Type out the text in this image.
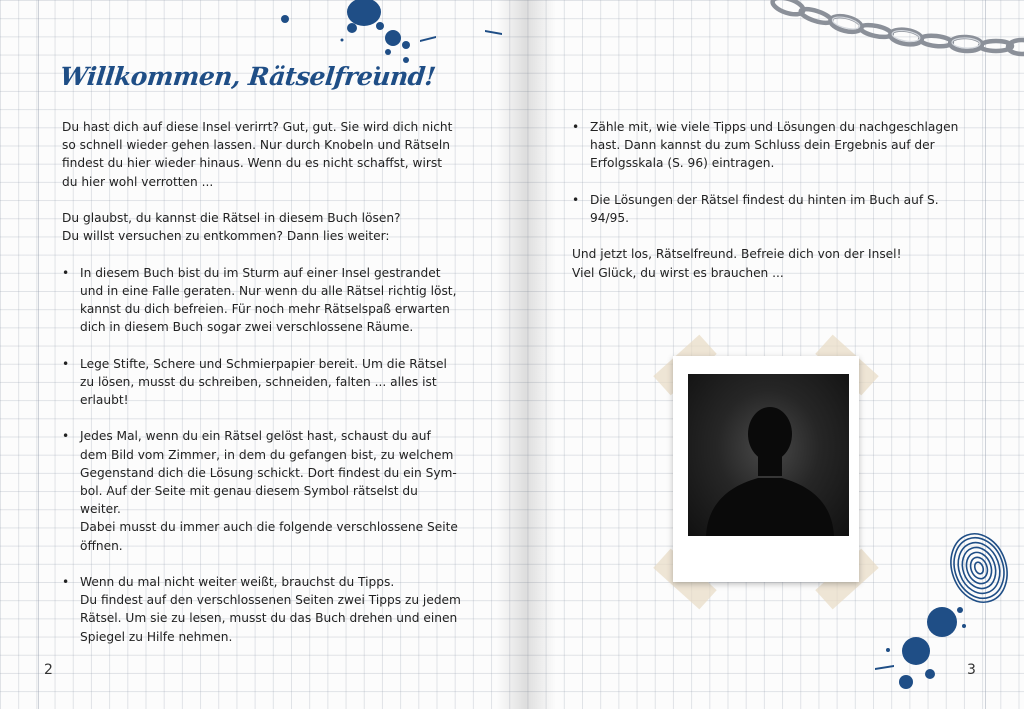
Willkommen, Rätselfreund!

Du hast dich auf diese Insel verirrt? Gut, gut. Sie wird dich nicht

so schnell wieder gehen lassen. Nur durch Knobeln und Rätseln

findest du hier wieder hinaus. Wenn du es nicht schaffst, wirst

du hier wohl verrotten ...

Du glaubst, du kannst die Rätsel in diesem Buch lösen?

Du willst versuchen zu entkommen? Dann lies weiter:

• In diesem Buch bist du im Sturm auf einer Insel gestrandet
und in eine Falle geraten. Nur wenn du alle Rätsel richtig löst,
kannst du dich befreien. Für noch mehr Rätselspaß erwarten
dich in diesem Buch sogar zwei verschlossene Räume.
• Lege Stifte, Schere und Schmierpapier bereit. Um die Rätsel
zu lösen, musst du schreiben, schneiden, falten ... alles ist
erlaubt!
• Jedes Mal, wenn du ein Rätsel gelöst hast, schaust du auf
dem Bild vom Zimmer, in dem du gefangen bist, zu welchem
Gegenstand dich die Lösung schickt. Dort findest du ein Sym-
bol. Auf der Seite mit genau diesem Symbol rätselst du weiter.
Dabei musst du immer auch die folgende verschlossene Seite
öffnen.
• Wenn du mal nicht weiter weißt, brauchst du Tipps.
Du findest auf den verschlossenen Seiten zwei Tipps zu jedem
Rätsel. Um sie zu lesen, musst du das Buch drehen und einen
Spiegel zu Hilfe nehmen.
• Zähle mit, wie viele Tipps und Lösungen du nachgeschlagen
hast. Dann kannst du zum Schluss dein Ergebnis auf der
Erfolgsskala (S. 96) eintragen.
• Die Lösungen der Rätsel findest du hinten im Buch auf S. 94/95.

Und jetzt los, Rätselfreund. Befreie dich von der Insel!

Viel Glück, du wirst es brauchen ...

2	3
